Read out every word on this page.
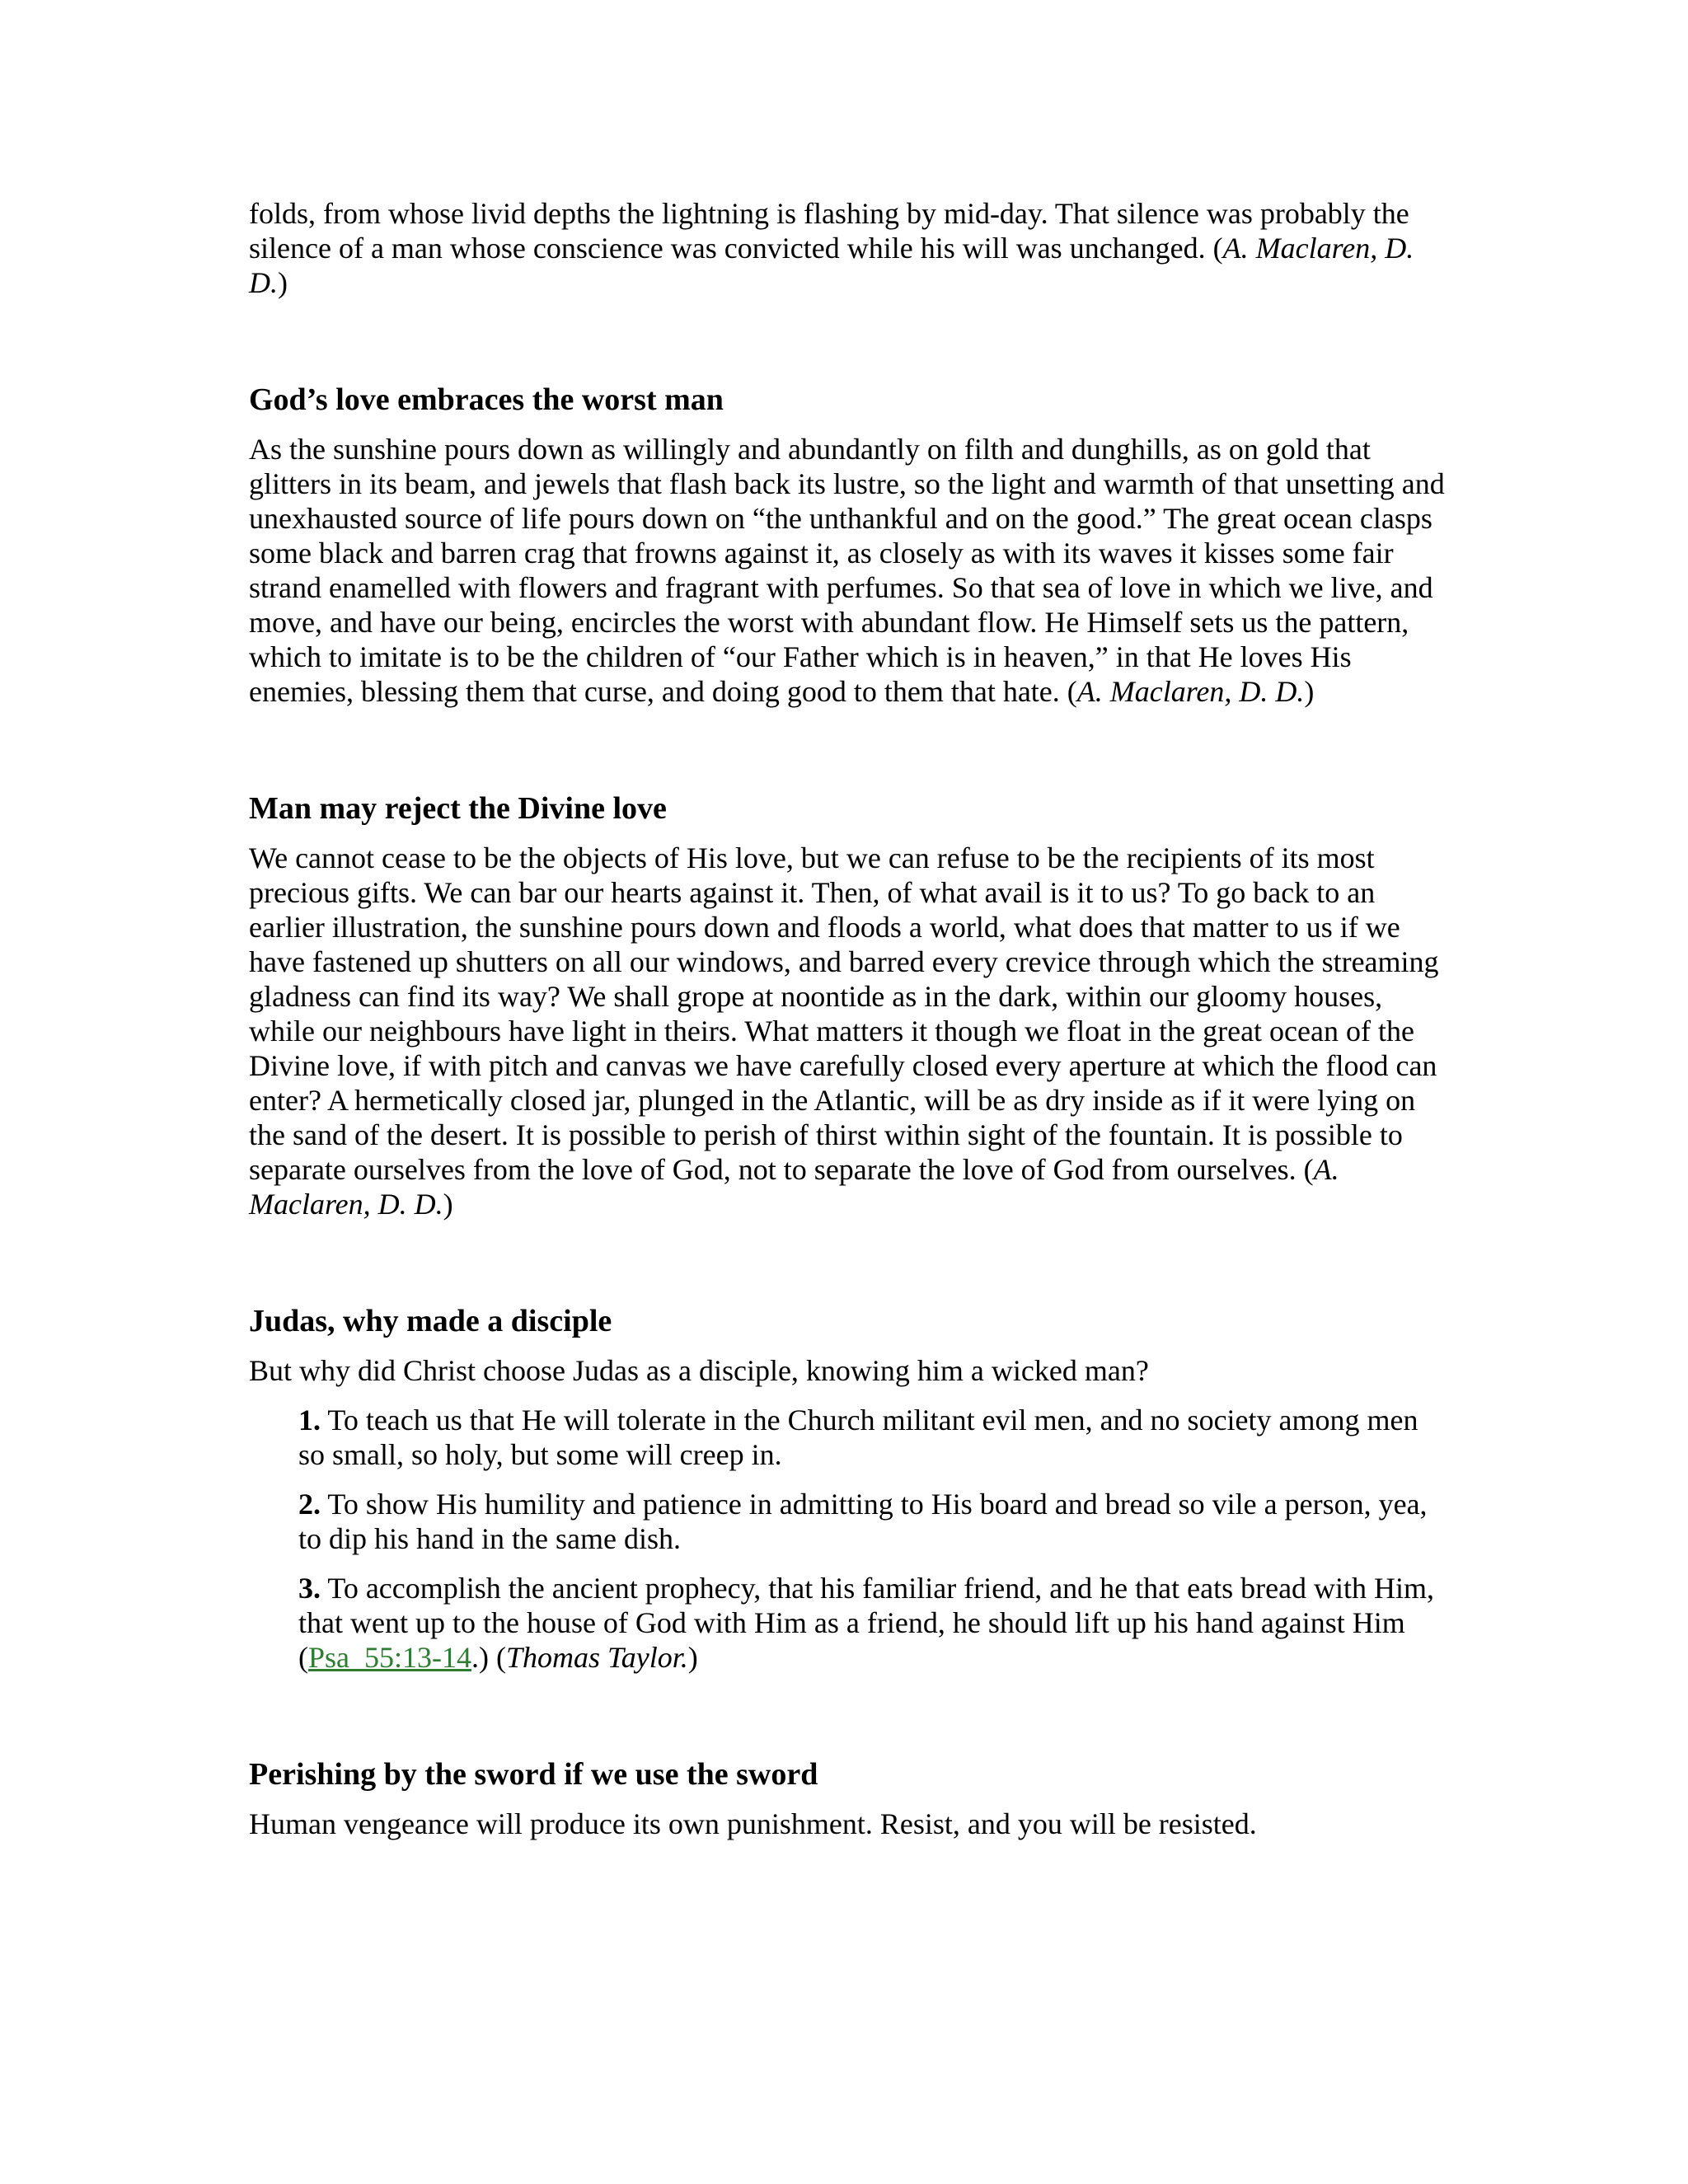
folds, from whose livid depths the lightning is flashing by mid-day. That silence was probably the silence of a man whose conscience was convicted while his will was unchanged. (A. Maclaren, D. D.)

God’s love embraces the worst man

As the sunshine pours down as willingly and abundantly on filth and dunghills, as on gold that glitters in its beam, and jewels that flash back its lustre, so the light and warmth of that unsetting and unexhausted source of life pours down on “the unthankful and on the good.” The great ocean clasps some black and barren crag that frowns against it, as closely as with its waves it kisses some fair strand enamelled with flowers and fragrant with perfumes. So that sea of love in which we live, and move, and have our being, encircles the worst with abundant flow. He Himself sets us the pattern, which to imitate is to be the children of “our Father which is in heaven,” in that He loves His enemies, blessing them that curse, and doing good to them that hate. (A. Maclaren, D. D.)

Man may reject the Divine love

We cannot cease to be the objects of His love, but we can refuse to be the recipients of its most precious gifts. We can bar our hearts against it. Then, of what avail is it to us? To go back to an earlier illustration, the sunshine pours down and floods a world, what does that matter to us if we have fastened up shutters on all our windows, and barred every crevice through which the streaming gladness can find its way? We shall grope at noontide as in the dark, within our gloomy houses, while our neighbours have light in theirs. What matters it though we float in the great ocean of the Divine love, if with pitch and canvas we have carefully closed every aperture at which the flood can enter? A hermetically closed jar, plunged in the Atlantic, will be as dry inside as if it were lying on the sand of the desert. It is possible to perish of thirst within sight of the fountain. It is possible to separate ourselves from the love of God, not to separate the love of God from ourselves. (A. Maclaren, D. D.)

Judas, why made a disciple

But why did Christ choose Judas as a disciple, knowing him a wicked man?

1. To teach us that He will tolerate in the Church militant evil men, and no society among men so small, so holy, but some will creep in.

2. To show His humility and patience in admitting to His board and bread so vile a person, yea, to dip his hand in the same dish.

3. To accomplish the ancient prophecy, that his familiar friend, and he that eats bread with Him, that went up to the house of God with Him as a friend, he should lift up his hand against Him (Psa_55:13-14.) (Thomas Taylor.)

Perishing by the sword if we use the sword

Human vengeance will produce its own punishment. Resist, and you will be resisted.
